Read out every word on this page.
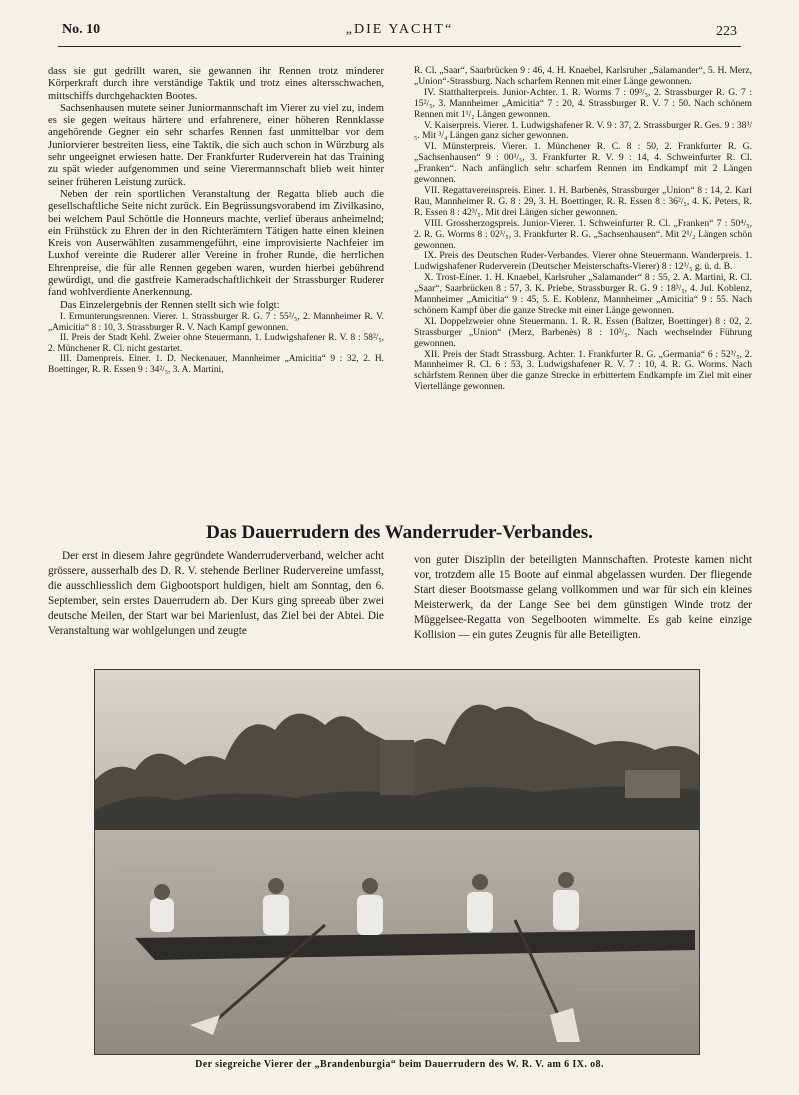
No. 10	„DIE YACHT“	223

dass sie gut gedrillt waren, sie gewannen ihr Rennen trotz minderer Körperkraft durch ihre verständige Taktik und trotz eines altersschwachen, mittschiffs durchgehackten Bootes.

Sachsenhausen mutete seiner Juniormannschaft im Vierer zu viel zu, indem es sie gegen weitaus härtere und erfahrenere, einer höheren Rennklasse angehörende Gegner ein sehr scharfes Rennen fast unmittelbar vor dem Juniorvierer bestreiten liess, eine Taktik, die sich auch schon in Würzburg als sehr ungeeignet erwiesen hatte. Der Frankfurter Ruderverein hat das Training zu spät wieder aufgenommen und seine Vierermannschaft blieb weit hinter seiner früheren Leistung zurück.

Neben der rein sportlichen Veranstaltung der Regatta blieb auch die gesellschaftliche Seite nicht zurück. Ein Begrüssungsvorabend im Zivilkasino, bei welchem Paul Schöttle die Honneurs machte, verlief überaus anheimelnd; ein Frühstück zu Ehren der in den Richterämtern Tätigen hatte einen kleinen Kreis von Auserwählten zusammengeführt, eine improvisierte Nachfeier im Luxhof vereinte die Ruderer aller Vereine in froher Runde, die herrlichen Ehrenpreise, die für alle Rennen gegeben waren, wurden hierbei gebührend gewürdigt, und die gastfreie Kameradschaftlichkeit der Strassburger Ruderer fand wohlverdiente Anerkennung.

Das Einzelergebnis der Rennen stellt sich wie folgt:

I. Ermunterungsrennen. Vierer. 1. Strassburger R. G. 7 : 55²/₅, 2. Mannheimer R. V. „Amicitia“ 8 : 10, 3. Strassburger R. V. Nach Kampf gewonnen.

II. Preis der Stadt Kehl. Zweier ohne Steuermann. 1. Ludwigshafener R. V. 8 : 58²/₅, 2. Münchener R. Cl. nicht gestartet.

III. Damenpreis. Einer. 1. D. Neckenauer, Mannheimer „Amicitia“ 9 : 32, 2. H. Boettinger, R. R. Essen 9 : 34²/₅, 3. A. Martini,

R. Cl. „Saar“, Saarbrücken 9 : 46, 4. H. Knaebel, Karlsruher „Salamander“, 5. H. Merz, „Union“-Strassburg. Nach scharfem Rennen mit einer Länge gewonnen.

IV. Statthalterpreis. Junior-Achter. 1. R. Worms 7 : 09³/₅, 2. Strassburger R. G. 7 : 15²/₅, 3. Mannheimer „Amicitia“ 7 : 20, 4. Strassburger R. V. 7 : 50. Nach schönem Rennen mit 1¹/₂ Längen gewonnen.

V. Kaiserpreis. Vierer. 1. Ludwigshafener R. V. 9 : 37, 2. Strassburger R. Ges. 9 : 38³/₅. Mit ³/₄ Längen ganz sicher gewonnen.

VI. Münsterpreis. Vierer. 1. Münchener R. C. 8 : 50, 2. Frankfurter R. G. „Sachsenhausen“ 9 : 00³/₅, 3. Frankfurter R. V. 9 : 14, 4. Schweinfurter R. Cl. „Franken“. Nach anfänglich sehr scharfem Rennen im Endkampf mit 2 Längen gewonnen.

VII. Regattavereinspreis. Einer. 1. H. Barbenès, Strassburger „Union“ 8 : 14, 2. Karl Rau, Mannheimer R. G. 8 : 29, 3. H. Boettinger, R. R. Essen 8 : 36²/₅, 4. K. Peters, R. R. Essen 8 : 42³/₅. Mit drei Längen sicher gewonnen.

VIII. Grossherzogspreis. Junior-Vierer. 1. Schweinfurter R. Cl. „Franken“ 7 : 50⁴/₅, 2. R. G. Worms 8 : 02³/₅, 3. Frankfurter R. G. „Sachsenhausen“. Mit 2¹/₂ Längen schön gewonnen.

IX. Preis des Deutschen Ruder-Verbandes. Vierer ohne Steuermann. Wanderpreis. 1. Ludwigshafener Ruderverein (Deutscher Meisterschafts-Vierer) 8 : 12³/₅ g. ü. d. B.

X. Trost-Einer. 1. H. Knaebel, Karlsruher „Salamander“ 8 : 55, 2. A. Martini, R. Cl. „Saar“, Saarbrücken 8 : 57, 3. K. Priebe, Strassburger R. G. 9 : 18³/₅, 4. Jul. Koblenz, Mannheimer „Amicitia“ 9 : 45, 5. E. Koblenz, Mannheimer „Amicitia“ 9 : 55. Nach schönem Kampf über die ganze Strecke mit einer Länge gewonnen.

XI. Doppelzweier ohne Steuermann. 1. R. R. Essen (Baltzer, Boettinger) 8 : 02, 2. Strassburger „Union“ (Merz, Barbenès) 8 : 10³/₅. Nach wechselnder Führung gewonnen.

XII. Preis der Stadt Strassburg. Achter. 1. Frankfurter R. G. „Germania“ 6 : 52³/₅, 2. Mannheimer R. Cl. 6 : 53, 3. Ludwigshafener R. V. 7 : 10, 4. R. G. Worms. Nach schärfstem Rennen über die ganze Strecke in erbittertem Endkampfe im Ziel mit einer Viertellänge gewonnen.

Das Dauerrudern des Wanderruder-Verbandes.

Der erst in diesem Jahre gegründete Wanderruderverband, welcher acht grössere, ausserhalb des D. R. V. stehende Berliner Rudervereine umfasst, die ausschliesslich dem Gigbootsport huldigen, hielt am Sonntag, den 6. September, sein erstes Dauerrudern ab. Der Kurs ging spreeab über zwei deutsche Meilen, der Start war bei Marienlust, das Ziel bei der Abtei. Die Veranstaltung war wohlgelungen und zeugte

von guter Disziplin der beteiligten Mannschaften. Proteste kamen nicht vor, trotzdem alle 15 Boote auf einmal abgelassen wurden. Der fliegende Start dieser Bootsmasse gelang vollkommen und war für sich ein kleines Meisterwerk, da der Lange See bei dem günstigen Winde trotz der Müggelsee-Regatta von Segelbooten wimmelte. Es gab keine einzige Kollision — ein gutes Zeugnis für alle Beteiligten.

Der siegreiche Vierer der „Brandenburgia“ beim Dauerrudern des W. R. V. am 6 IX. o8.
